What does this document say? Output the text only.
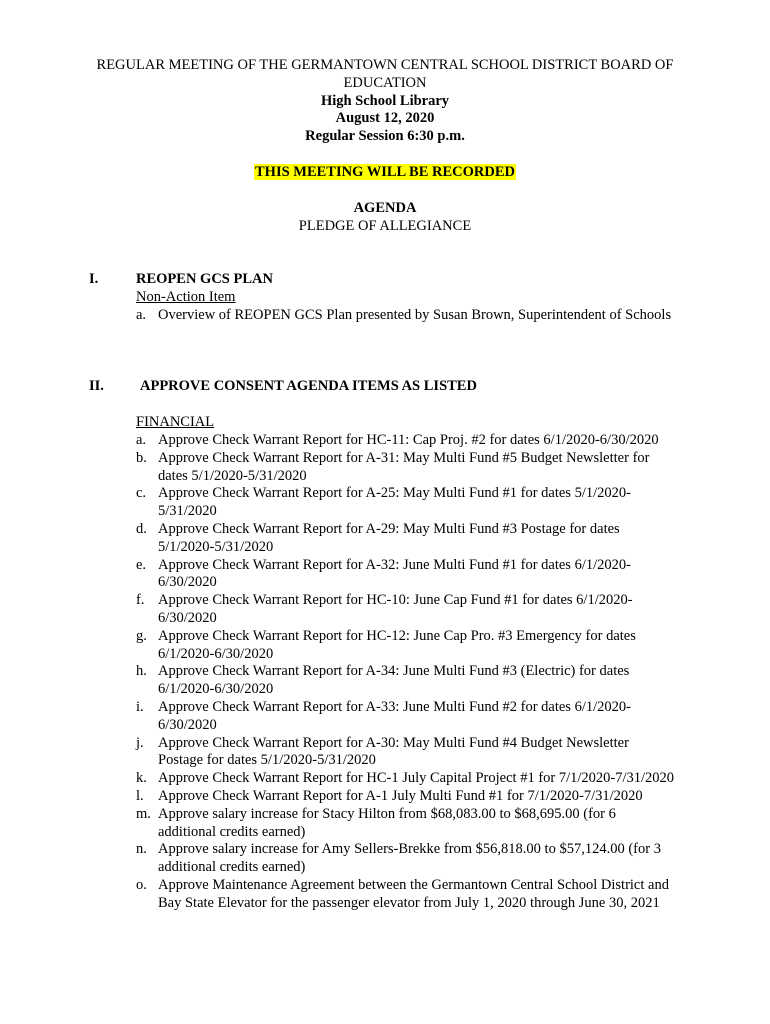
REGULAR MEETING OF THE GERMANTOWN CENTRAL SCHOOL DISTRICT BOARD OF EDUCATION
High School Library
August 12, 2020
Regular Session 6:30 p.m.
THIS MEETING WILL BE RECORDED
AGENDA
PLEDGE OF ALLEGIANCE
I.	REOPEN GCS PLAN
Non-Action Item
a. Overview of REOPEN GCS Plan presented by Susan Brown, Superintendent of Schools
II. APPROVE CONSENT AGENDA ITEMS AS LISTED
FINANCIAL
a. Approve Check Warrant Report for HC-11: Cap Proj. #2 for dates 6/1/2020-6/30/2020
b. Approve Check Warrant Report for A-31: May Multi Fund #5 Budget Newsletter for dates 5/1/2020-5/31/2020
c. Approve Check Warrant Report for A-25: May Multi Fund #1 for dates 5/1/2020-5/31/2020
d. Approve Check Warrant Report for A-29: May Multi Fund #3 Postage for dates 5/1/2020-5/31/2020
e. Approve Check Warrant Report for A-32: June Multi Fund #1 for dates 6/1/2020-6/30/2020
f. Approve Check Warrant Report for HC-10: June Cap Fund #1 for dates 6/1/2020-6/30/2020
g. Approve Check Warrant Report for HC-12: June Cap Pro. #3 Emergency for dates 6/1/2020-6/30/2020
h. Approve Check Warrant Report for A-34: June Multi Fund #3 (Electric) for dates 6/1/2020-6/30/2020
i. Approve Check Warrant Report for A-33: June Multi Fund #2 for dates 6/1/2020-6/30/2020
j. Approve Check Warrant Report for A-30: May Multi Fund #4 Budget Newsletter Postage for dates 5/1/2020-5/31/2020
k. Approve Check Warrant Report for HC-1 July Capital Project #1 for 7/1/2020-7/31/2020
l. Approve Check Warrant Report for A-1 July Multi Fund #1 for 7/1/2020-7/31/2020
m. Approve salary increase for Stacy Hilton from $68,083.00 to $68,695.00 (for 6 additional credits earned)
n. Approve salary increase for Amy Sellers-Brekke from $56,818.00 to $57,124.00 (for 3 additional credits earned)
o. Approve Maintenance Agreement between the Germantown Central School District and Bay State Elevator for the passenger elevator from July 1, 2020 through June 30, 2021
